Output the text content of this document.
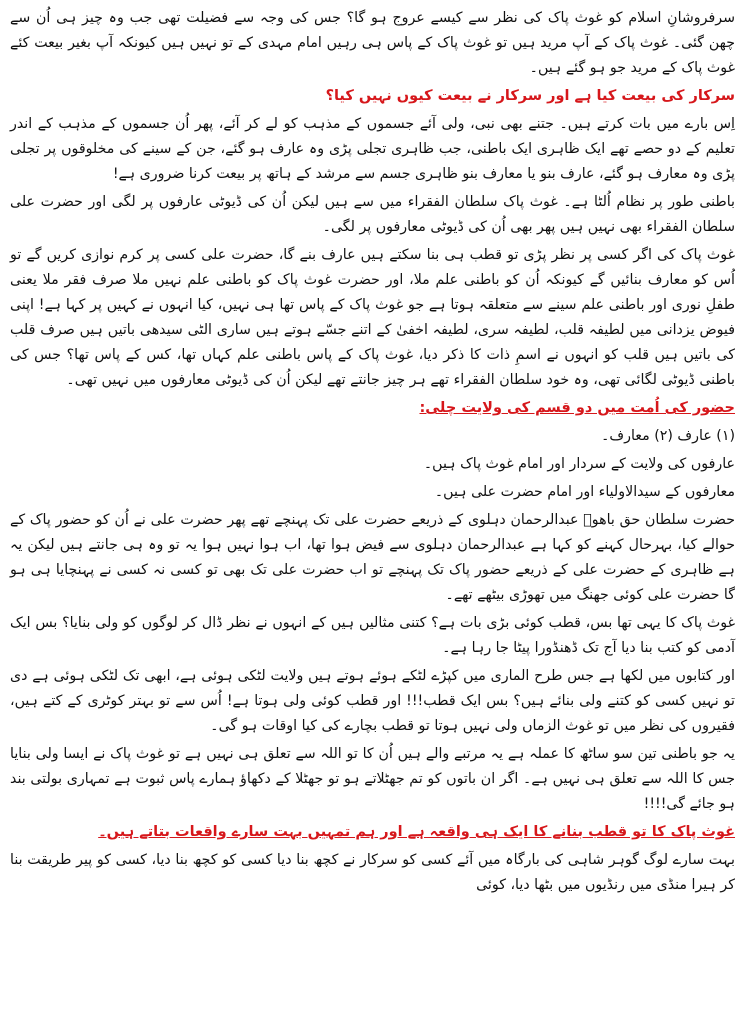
سرفروشانِ اسلام کو غوث پاک کی نظر سے کیسے عروج ہو گا؟ جس کی وجہ سے فضیلت تھی جب وہ چیز ہی اُن سے چھن گئی۔ غوث پاک کے آپ مرید ہیں تو غوث پاک کے پاس ہی رہیں امام مہدی کے تو نہیں ہیں کیونکہ آپ بغیر بیعت کئے غوث پاک کے مرید جو ہو گئے ہیں۔

سرکار کی بیعت کیا ہے اور سرکار نے بیعت کیوں نہیں کیا؟

اِس بارے میں بات کرتے ہیں۔ جتنے بھی نبی، ولی آئے جسموں کے مذہب کو لے کر آئے، پھر اُن جسموں کے مذہب کے اندر تعلیم کے دو حصے تھے ایک ظاہری ایک باطنی، جب ظاہری تجلی پڑی وہ عارف ہو گئے، جن کے سینے کی مخلوقوں پر تجلی پڑی وہ معارف ہو گئے، عارف بنو یا معارف بنو ظاہری جسم سے مرشد کے ہاتھ پر بیعت کرنا ضروری ہے!

باطنی طور پر نظام اُلٹا ہے۔ غوث پاک سلطان الفقراء میں سے ہیں لیکن اُن کی ڈیوٹی عارفوں پر لگی اور حضرت علی سلطان الفقراء بھی نہیں ہیں پھر بھی اُن کی ڈیوٹی معارفوں پر لگی۔

غوث پاک کی اگر کسی پر نظر پڑی تو قطب ہی بنا سکتے ہیں عارف بنے گا، حضرت علی کسی پر کرم نوازی کریں گے تو اُس کو معارف بنائیں گے کیونکہ اُن کو باطنی علم ملا، اور حضرت غوث پاک کو باطنی علم نہیں ملا صرف فقر ملا یعنی طفلِ نوری اور باطنی علم سینے سے متعلقہ ہوتا ہے جو غوث پاک کے پاس تھا ہی نہیں، کیا انہوں نے کہیں پر کہا ہے! اپنی فیوض یزدانی میں لطیفہ قلب، لطیفہ سری، لطیفہ اخفیٰ کے اتنے جسّے ہوتے ہیں ساری الٹی سیدھی باتیں ہیں صرف قلب کی باتیں ہیں قلب کو انہوں نے اسمِ ذات کا ذکر دیا، غوث پاک کے پاس باطنی علم کہاں تھا، کس کے پاس تھا؟ جس کی باطنی ڈیوٹی لگائی تھی، وہ خود سلطان الفقراء تھے ہر چیز جانتے تھے لیکن اُن کی ڈیوٹی معارفوں میں نہیں تھی۔

حضور کی اُمت میں دو قسم کی ولایت چلی:

(۱) عارف (۲) معارف۔

عارفوں کی ولایت کے سردار اور امام غوث پاک ہیں۔

معارفوں کے سیدالاولیاء اور امام حضرت علی ہیں۔

حضرت سلطان حق باھوؒ عبدالرحمان دہلوی کے ذریعے حضرت علی تک پہنچے تھے پھر حضرت علی نے اُن کو حضور پاک کے حوالے کیا، بہرحال کہنے کو کہا ہے عبدالرحمان دہلوی سے فیض ہوا تھا، اب ہوا نہیں ہوا یہ تو وہ ہی جانتے ہیں لیکن یہ ہے ظاہری کے حضرت علی کے ذریعے حضور پاک تک پہنچے تو اب حضرت علی تک بھی تو کسی نہ کسی نے پہنچایا ہی ہو گا حضرت علی کوئی جھنگ میں تھوڑی بیٹھے تھے۔

غوث پاک کا یہی تھا بس، قطب کوئی بڑی بات ہے؟ کتنی مثالیں ہیں کے انہوں نے نظر ڈال کر لوگوں کو ولی بنایا؟ بس ایک آدمی کو کتب بنا دیا آج تک ڈھنڈورا پیٹا جا رہا ہے۔

اور کتابوں میں لکھا ہے جس طرح الماری میں کپڑے لٹکے ہوئے ہوتے ہیں ولایت لٹکی ہوئی ہے، ابھی تک لٹکی ہوئی ہے دی تو نہیں کسی کو کتنے ولی بنائے ہیں؟ بس ایک قطب!!! اور قطب کوئی ولی ہوتا ہے! اُس سے تو بہتر کوٹری کے کتے ہیں، فقیروں کی نظر میں تو غوث الزماں ولی نہیں ہوتا تو قطب بچارے کی کیا اوقات ہو گی۔

یہ جو باطنی تین سو ساٹھ کا عملہ ہے یہ مرتبے والے ہیں اُن کا تو اللہ سے تعلق ہی نہیں ہے تو غوث پاک نے ایسا ولی بنایا جس کا اللہ سے تعلق ہی نہیں ہے۔ اگر ان باتوں کو تم جھٹلاتے ہو تو جھٹلا کے دکھاؤ ہمارے پاس ثبوت ہے تمہاری بولتی بند ہو جائے گی!!!!

غوث پاک کا تو قطب بنانے کا ایک ہی واقعہ ہے اور ہم تمہیں بہت سارے واقعات بتاتے ہیں۔

بہت سارے لوگ گوہر شاہی کی بارگاہ میں آئے کسی کو سرکار نے کچھ بنا دیا کسی کو کچھ بنا دیا، کسی کو پیر طریقت بنا کر ہیرا منڈی میں رنڈیوں میں بٹھا دیا، کوئی
